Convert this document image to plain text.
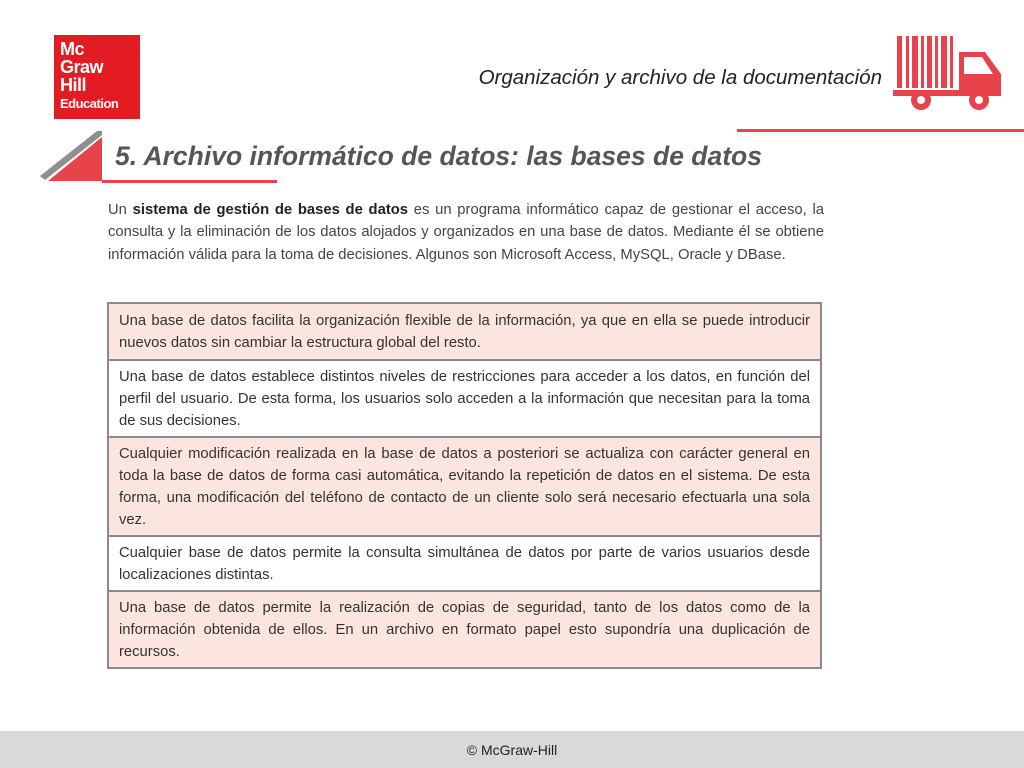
Mc
Graw
Hill
Education
Organización y archivo de la documentación
5. Archivo informático de datos: las bases de datos

Un sistema de gestión de bases de datos es un programa informático capaz de gestionar el acceso, la consulta y la eliminación de los datos alojados y organizados en una base de datos. Mediante él se obtiene información válida para la toma de decisiones. Algunos son Microsoft Access, MySQL, Oracle y DBase.

Una base de datos facilita la organización flexible de la información, ya que en ella se puede introducir nuevos datos sin cambiar la estructura global del resto.
Una base de datos establece distintos niveles de restricciones para acceder a los datos, en función del perfil del usuario. De esta forma, los usuarios solo acceden a la información que necesitan para la toma de sus decisiones.
Cualquier modificación realizada en la base de datos a posteriori se actualiza con carácter general en toda la base de datos de forma casi automática, evitando la repetición de datos en el sistema. De esta forma, una modificación del teléfono de contacto de un cliente solo será necesario efectuarla una sola vez.
Cualquier base de datos permite la consulta simultánea de datos por parte de varios usuarios desde localizaciones distintas.
Una base de datos permite la realización de copias de seguridad, tanto de los datos como de la información obtenida de ellos. En un archivo en formato papel esto supondría una duplicación de recursos.
© McGraw-Hill
